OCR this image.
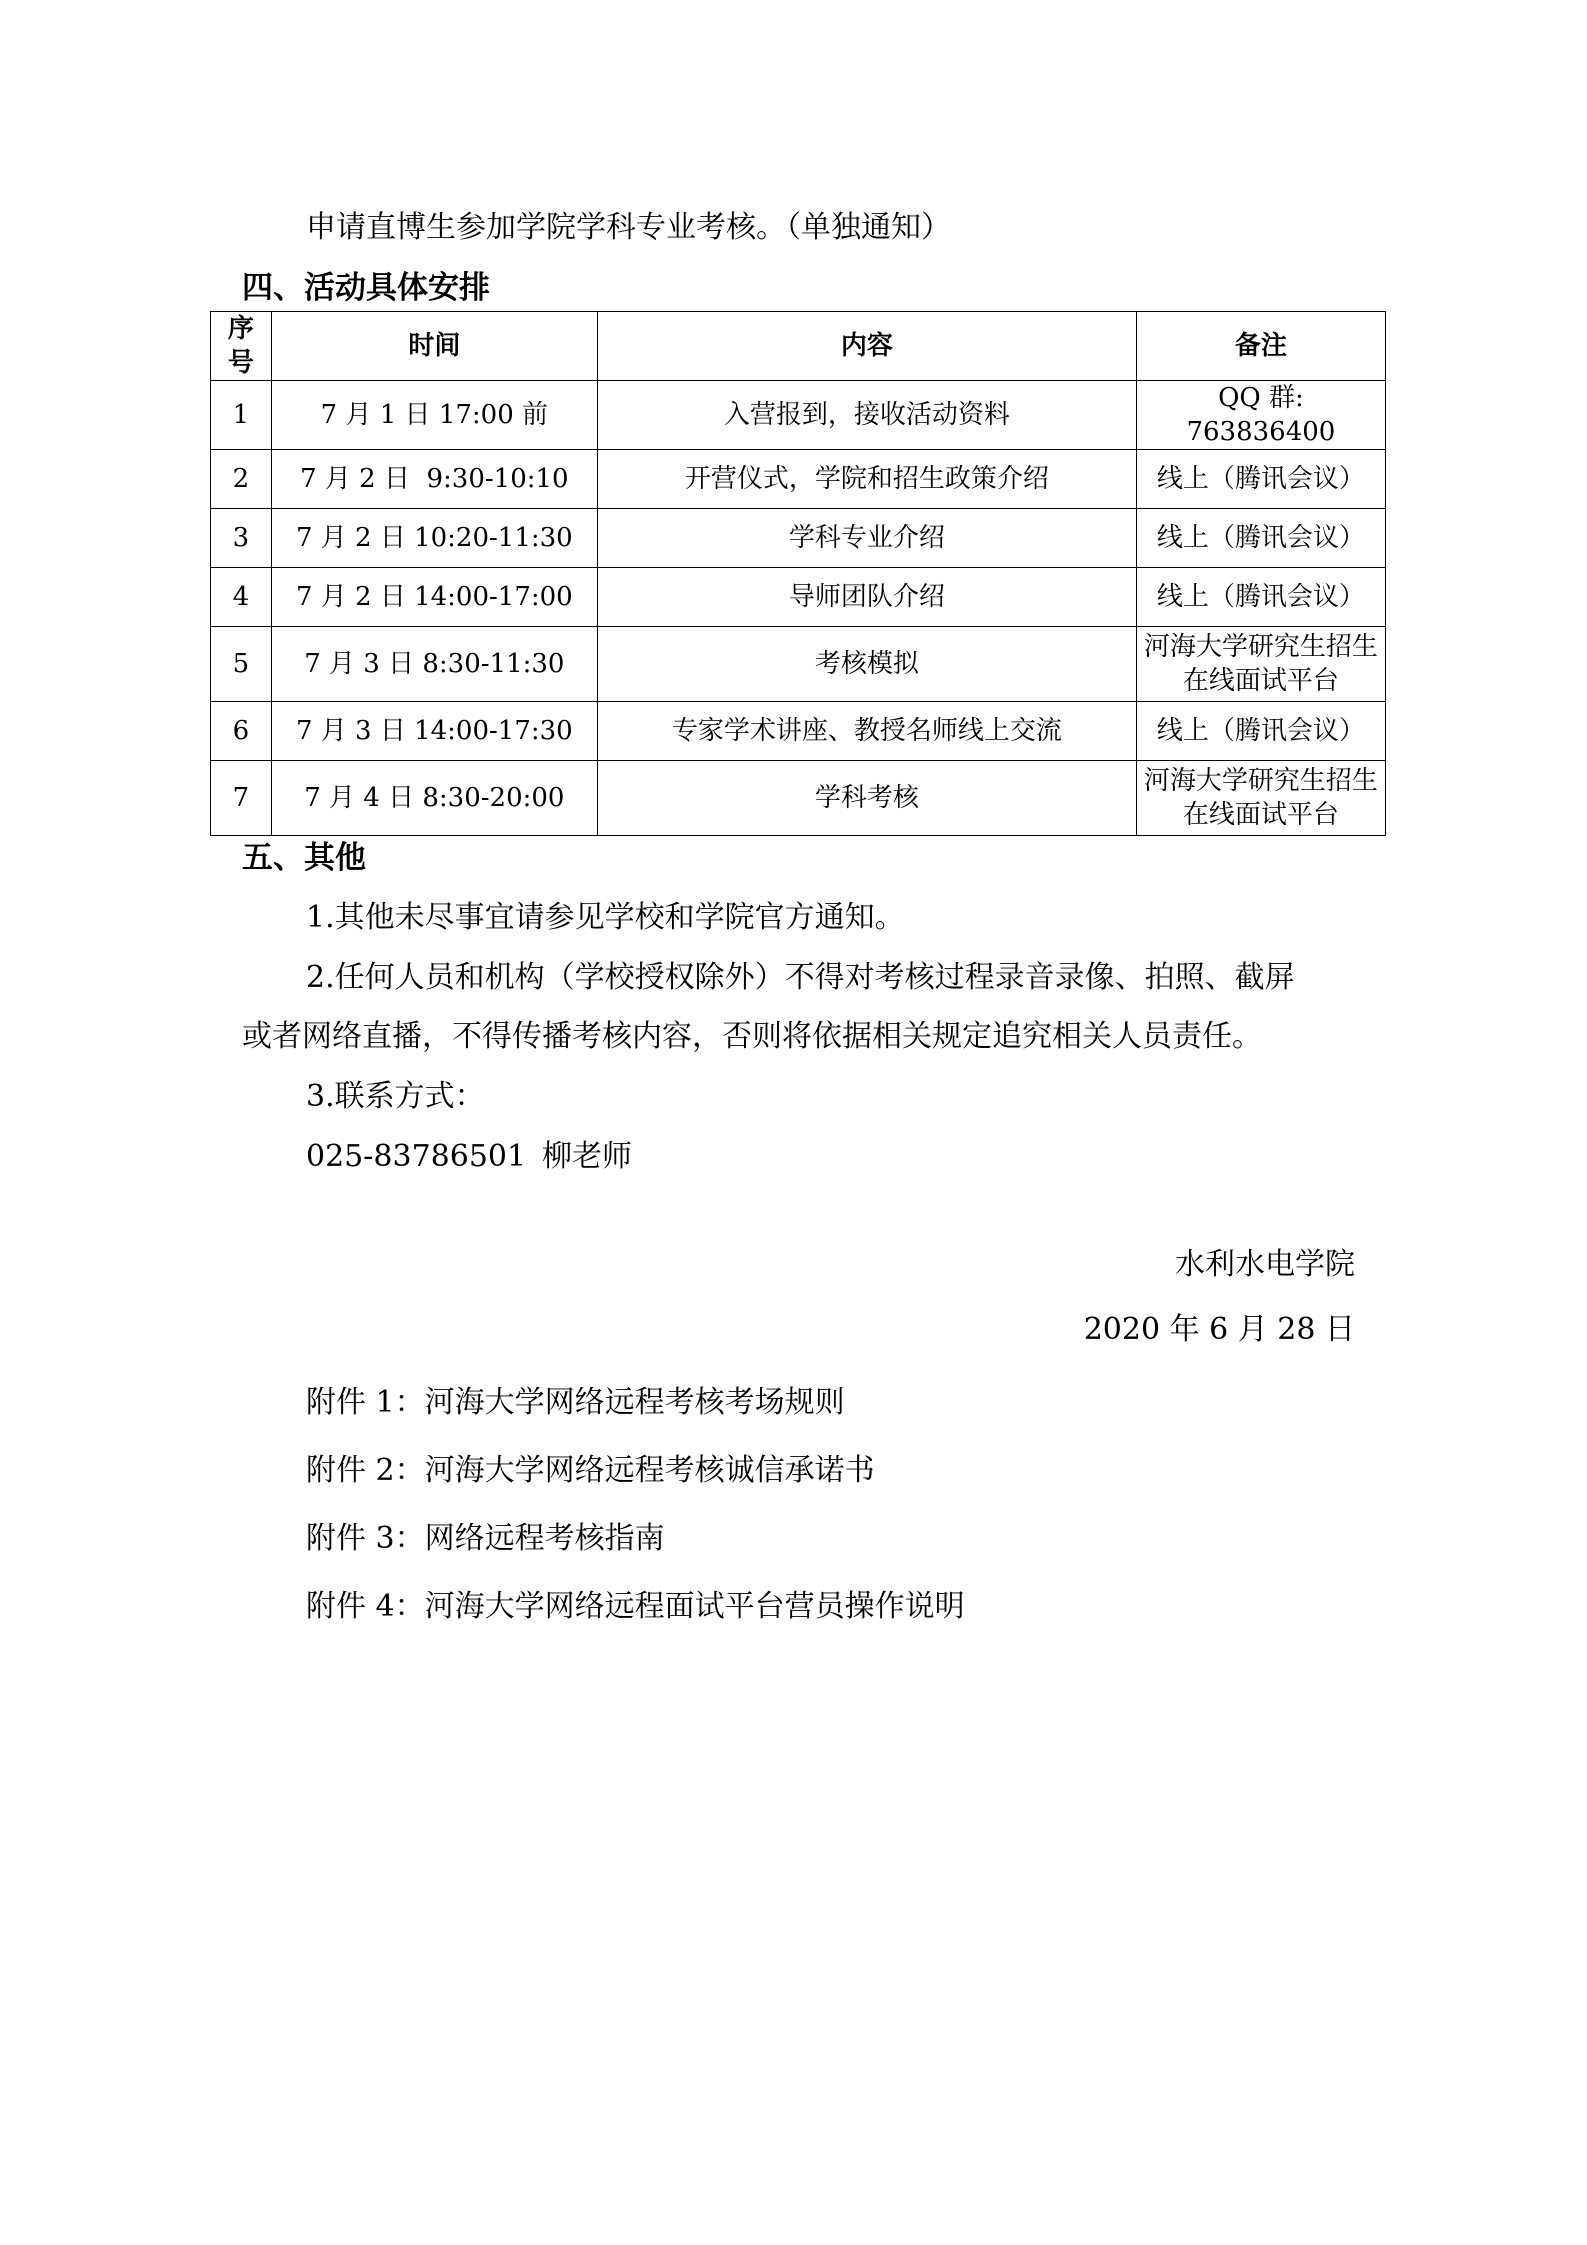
申请直博生参加学院学科专业考核。（单独通知）
四、活动具体安排
序号	时间	内容	备注
1	7 月 1 日 17:00 前	入营报到，接收活动资料	QQ 群: 763836400
2	7 月 2 日  9:30-10:10	开营仪式，学院和招生政策介绍	线上（腾讯会议）
3	7 月 2 日 10:20-11:30	学科专业介绍	线上（腾讯会议）
4	7 月 2 日 14:00-17:00	导师团队介绍	线上（腾讯会议）
5	7 月 3 日 8:30-11:30	考核模拟	河海大学研究生招生在线面试平台
6	7 月 3 日 14:00-17:30	专家学术讲座、教授名师线上交流	线上（腾讯会议）
7	7 月 4 日 8:30-20:00	学科考核	河海大学研究生招生在线面试平台
五、其他
1.其他未尽事宜请参见学校和学院官方通知。
2.任何人员和机构（学校授权除外）不得对考核过程录音录像、拍照、截屏
或者网络直播，不得传播考核内容，否则将依据相关规定追究相关人员责任。
3.联系方式：
025-83786501 柳老师
水利水电学院
2020 年 6 月 28 日
附件 1：河海大学网络远程考核考场规则
附件 2：河海大学网络远程考核诚信承诺书
附件 3：网络远程考核指南
附件 4：河海大学网络远程面试平台营员操作说明
